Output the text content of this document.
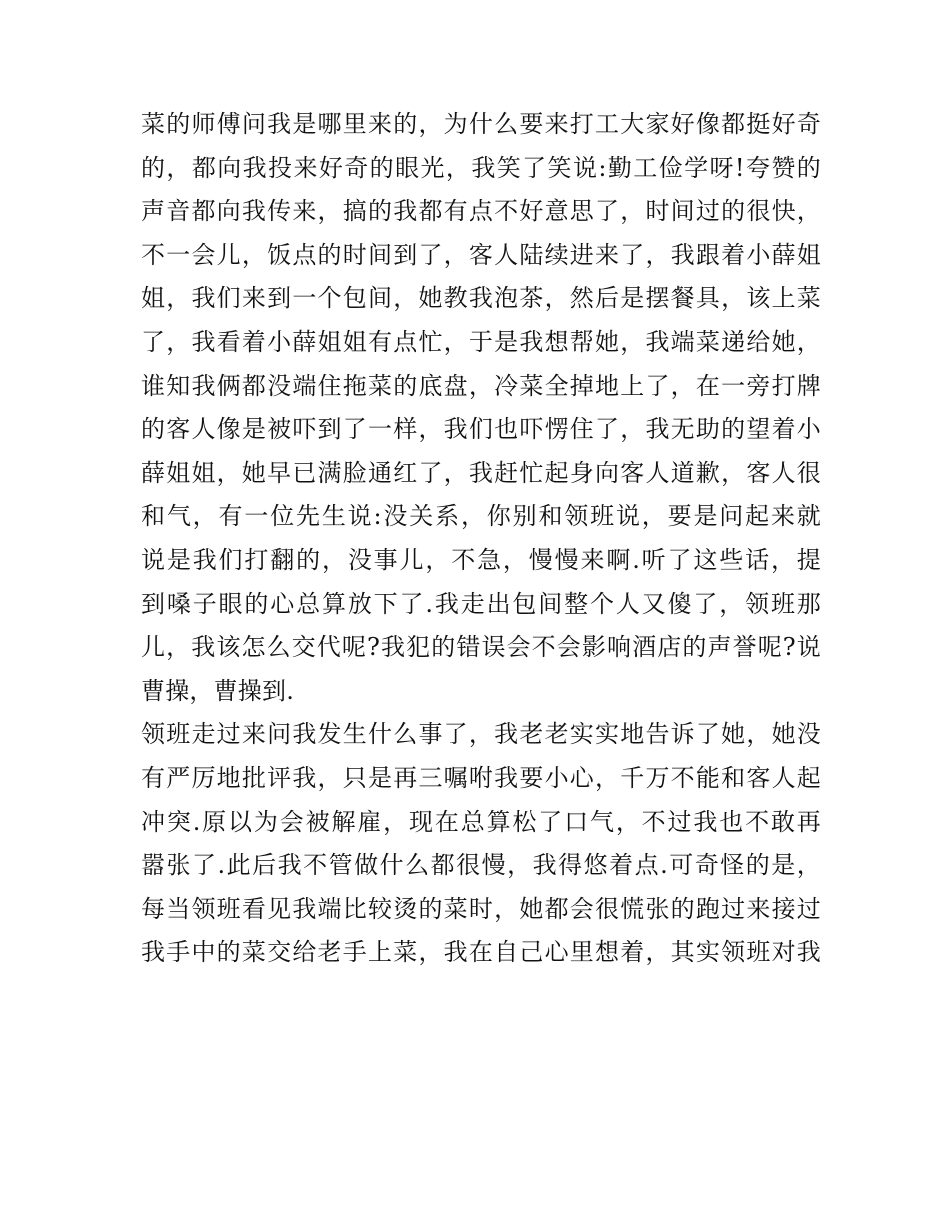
菜的师傅问我是哪里来的，为什么要来打工大家好像都挺好奇
的，都向我投来好奇的眼光，我笑了笑说:勤工俭学呀!夸赞的
声音都向我传来，搞的我都有点不好意思了，时间过的很快，
不一会儿，饭点的时间到了，客人陆续进来了，我跟着小薛姐
姐，我们来到一个包间，她教我泡茶，然后是摆餐具，该上菜
了，我看着小薛姐姐有点忙，于是我想帮她，我端菜递给她，
谁知我俩都没端住拖菜的底盘，冷菜全掉地上了，在一旁打牌
的客人像是被吓到了一样，我们也吓愣住了，我无助的望着小
薛姐姐，她早已满脸通红了，我赶忙起身向客人道歉，客人很
和气，有一位先生说:没关系，你别和领班说，要是问起来就
说是我们打翻的，没事儿，不急，慢慢来啊.听了这些话，提
到嗓子眼的心总算放下了.我走出包间整个人又傻了，领班那
儿，我该怎么交代呢?我犯的错误会不会影响酒店的声誉呢?说
曹操，曹操到.
领班走过来问我发生什么事了，我老老实实地告诉了她，她没
有严厉地批评我，只是再三嘱咐我要小心，千万不能和客人起
冲突.原以为会被解雇，现在总算松了口气，不过我也不敢再
嚣张了.此后我不管做什么都很慢，我得悠着点.可奇怪的是，
每当领班看见我端比较烫的菜时，她都会很慌张的跑过来接过
我手中的菜交给老手上菜，我在自己心里想着，其实领班对我
